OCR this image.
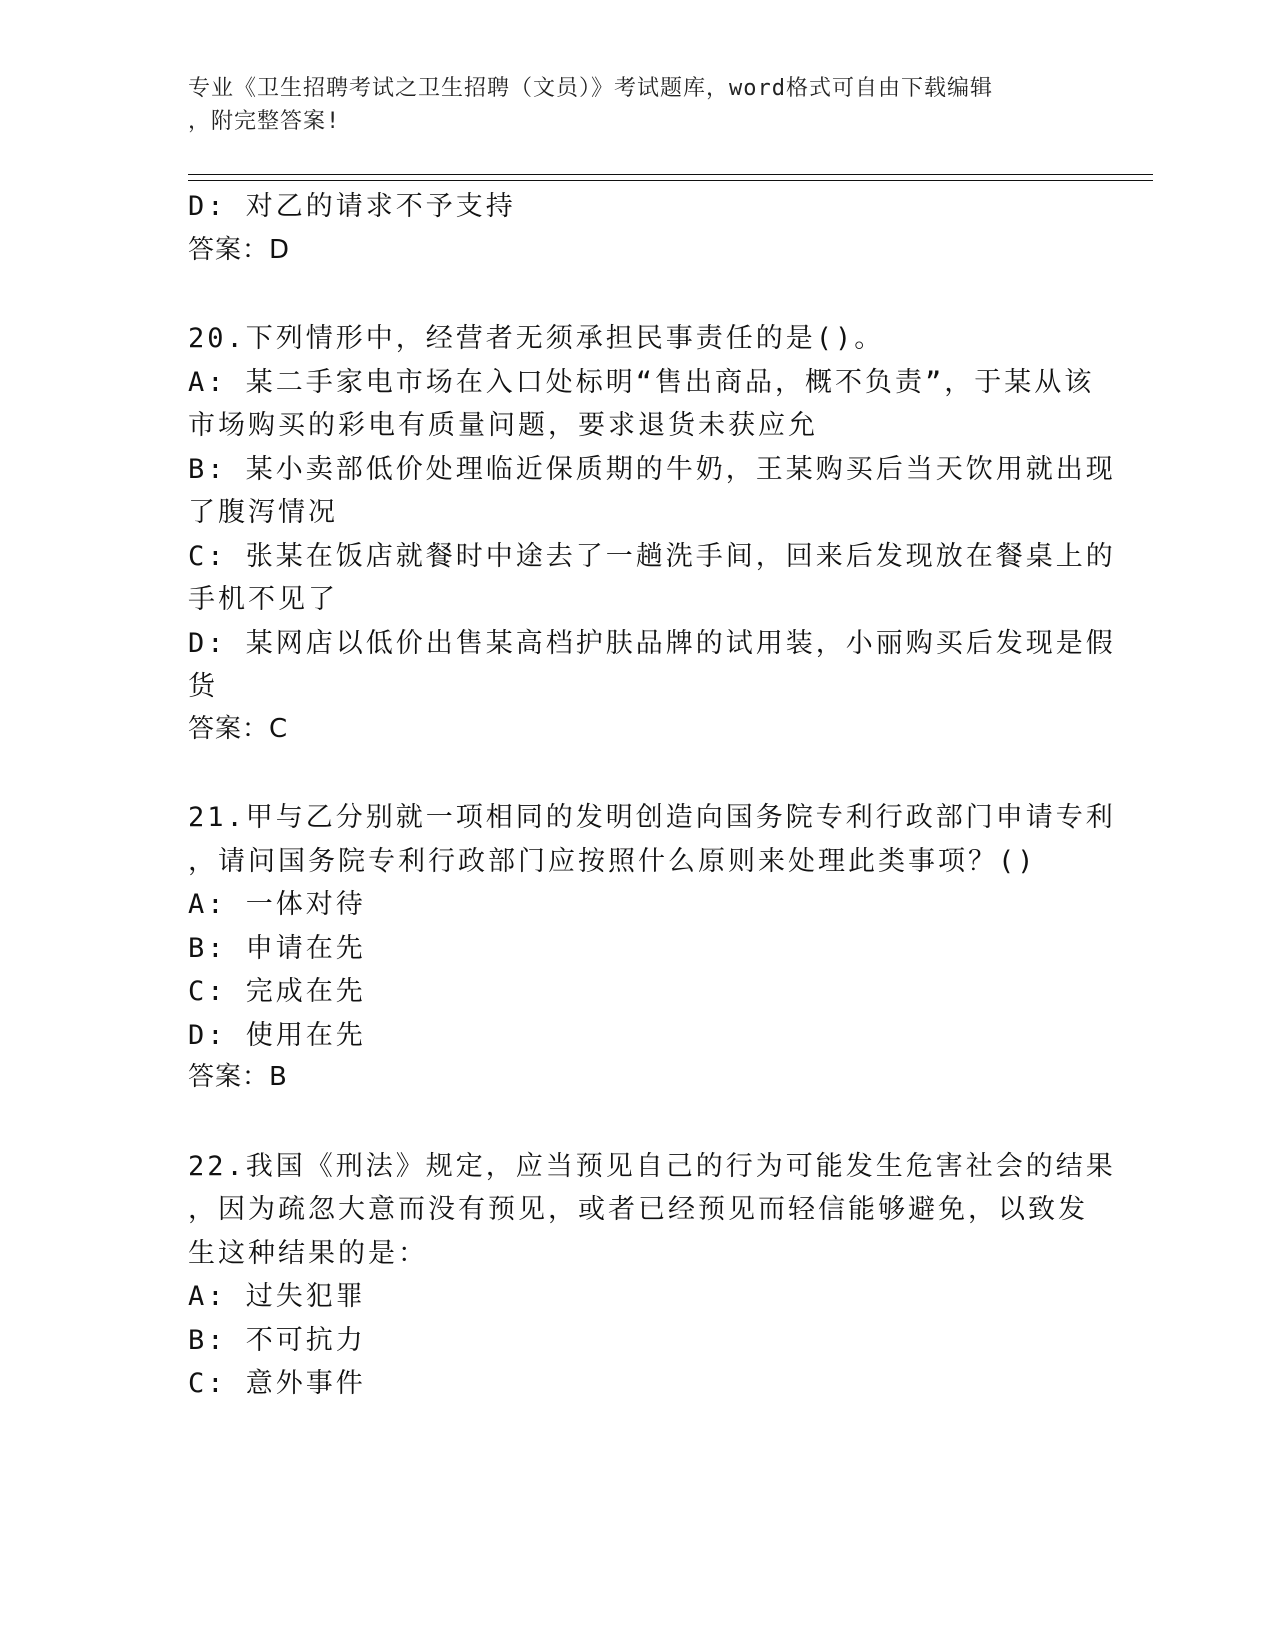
专业《卫生招聘考试之卫生招聘（文员）》考试题库，word格式可自由下载编辑
，附完整答案!
D: 对乙的请求不予支持
答案：D
20.下列情形中，经营者无须承担民事责任的是()。
A: 某二手家电市场在入口处标明“售出商品，概不负责”，于某从该
市场购买的彩电有质量问题，要求退货未获应允
B: 某小卖部低价处理临近保质期的牛奶，王某购买后当天饮用就出现
了腹泻情况
C: 张某在饭店就餐时中途去了一趟洗手间，回来后发现放在餐桌上的
手机不见了
D: 某网店以低价出售某高档护肤品牌的试用装，小丽购买后发现是假
货
答案：C
21.甲与乙分别就一项相同的发明创造向国务院专利行政部门申请专利
，请问国务院专利行政部门应按照什么原则来处理此类事项？()
A: 一体对待
B: 申请在先
C: 完成在先
D: 使用在先
答案：B
22.我国《刑法》规定，应当预见自己的行为可能发生危害社会的结果
，因为疏忽大意而没有预见，或者已经预见而轻信能够避免，以致发
生这种结果的是：
A: 过失犯罪
B: 不可抗力
C: 意外事件
